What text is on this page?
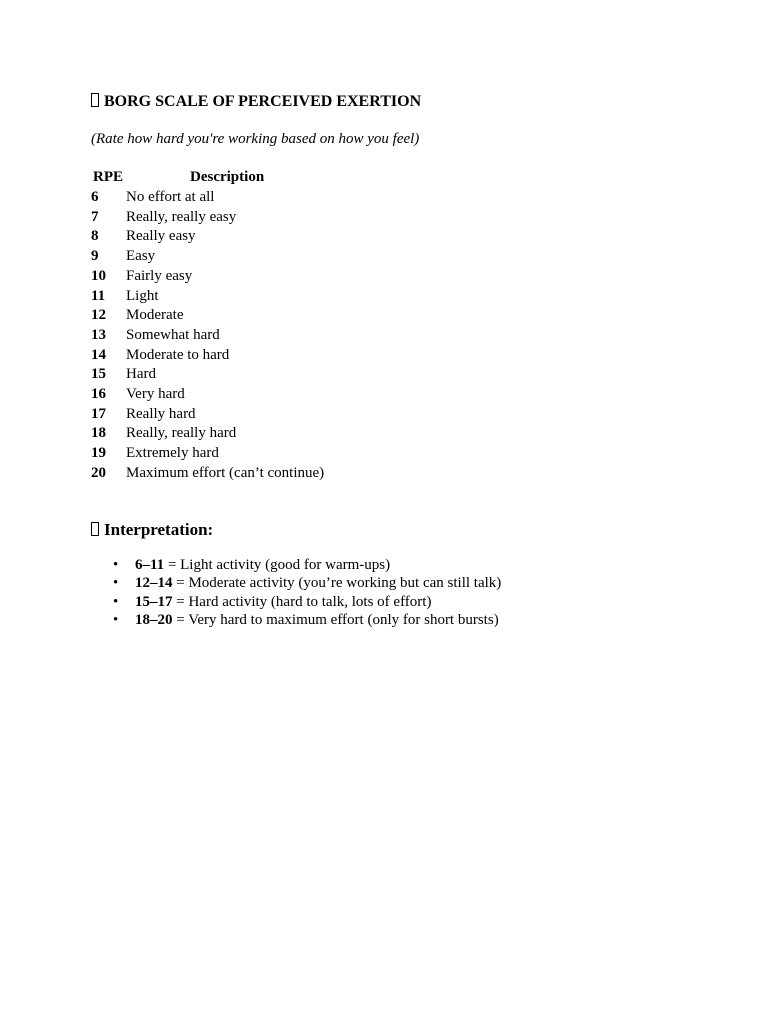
BORG SCALE OF PERCEIVED EXERTION

(Rate how hard you're working based on how you feel)

RPE	Description
6	No effort at all
7	Really, really easy
8	Really easy
9	Easy
10	Fairly easy
11	Light
12	Moderate
13	Somewhat hard
14	Moderate to hard
15	Hard
16	Very hard
17	Really hard
18	Really, really hard
19	Extremely hard
20	Maximum effort (can’t continue)
Interpretation:
• 6–11 = Light activity (good for warm-ups)
• 12–14 = Moderate activity (you’re working but can still talk)
• 15–17 = Hard activity (hard to talk, lots of effort)
• 18–20 = Very hard to maximum effort (only for short bursts)
